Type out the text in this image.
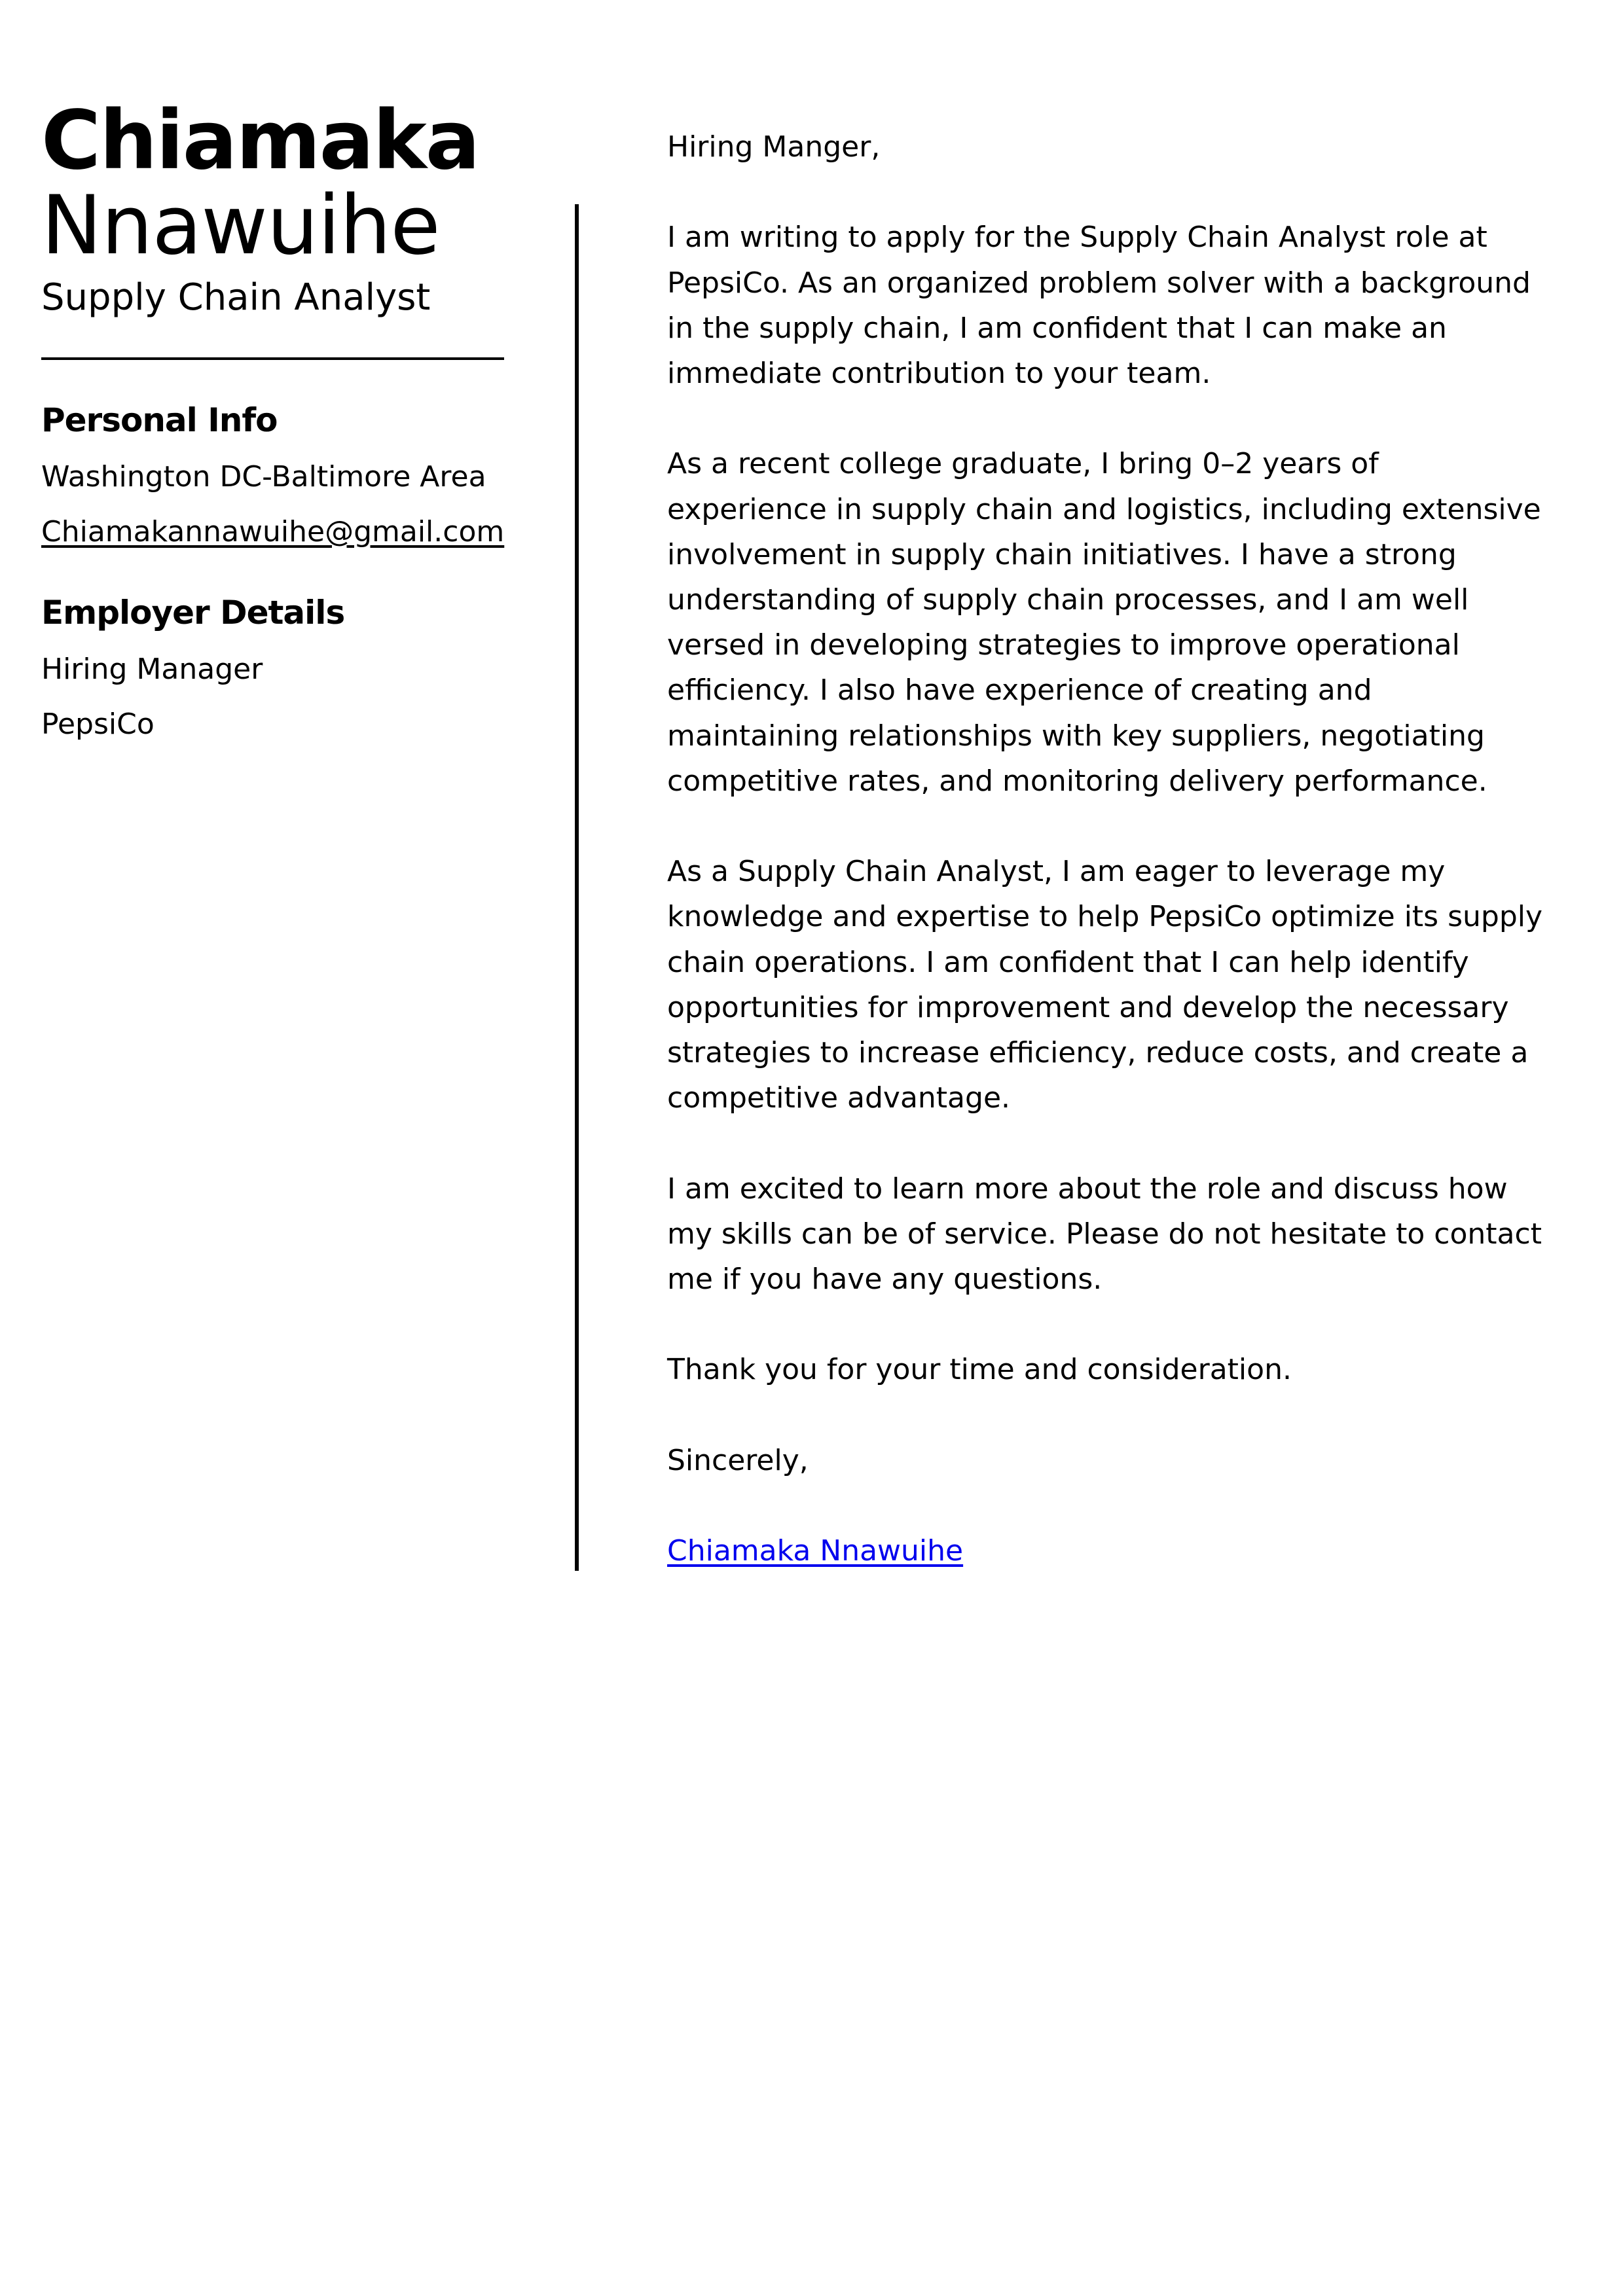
Chiamaka
Nnawuihe
Supply Chain Analyst
Personal Info
Washington DC-Baltimore Area
Chiamakannawuihe@gmail.com
Employer Details
Hiring Manager
PepsiCo

Hiring Manger,

I am writing to apply for the Supply Chain Analyst role at PepsiCo. As an organized problem solver with a background in the supply chain, I am confident that I can make an immediate contribution to your team.

As a recent college graduate, I bring 0–2 years of experience in supply chain and logistics, including extensive involvement in supply chain initiatives. I have a strong understanding of supply chain processes, and I am well versed in developing strategies to improve operational efficiency. I also have experience of creating and maintaining relationships with key suppliers, negotiating competitive rates, and monitoring delivery performance.

As a Supply Chain Analyst, I am eager to leverage my knowledge and expertise to help PepsiCo optimize its supply chain operations. I am confident that I can help identify opportunities for improvement and develop the necessary strategies to increase efficiency, reduce costs, and create a competitive advantage.

I am excited to learn more about the role and discuss how my skills can be of service. Please do not hesitate to contact me if you have any questions.

Thank you for your time and consideration.

Sincerely,

Chiamaka Nnawuihe
